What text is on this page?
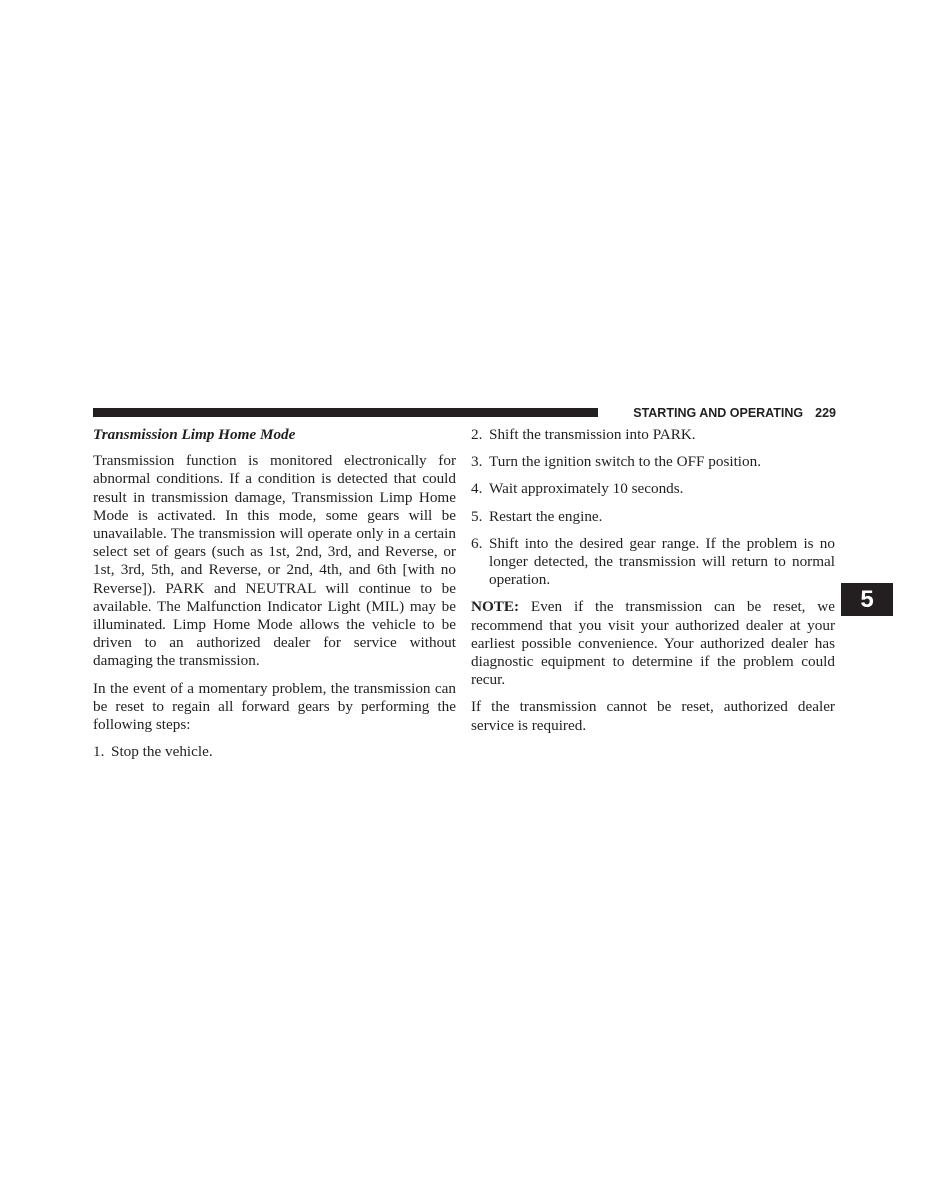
STARTING AND OPERATING 229

Transmission Limp Home Mode

Transmission function is monitored electronically for abnormal conditions. If a condition is detected that could result in transmission damage, Transmission Limp Home Mode is activated. In this mode, some gears will be unavailable. The transmission will operate only in a certain select set of gears (such as 1st, 2nd, 3rd, and Reverse, or 1st, 3rd, 5th, and Reverse, or 2nd, 4th, and 6th [with no Reverse]). PARK and NEUTRAL will continue to be available. The Malfunction Indicator Light (MIL) may be illuminated. Limp Home Mode allows the vehicle to be driven to an authorized dealer for service without damaging the transmission.

In the event of a momentary problem, the transmission can be reset to regain all forward gears by performing the following steps:

1. Stop the vehicle.
2. Shift the transmission into PARK.
3. Turn the ignition switch to the OFF position.
4. Wait approximately 10 seconds.
5. Restart the engine.
6. Shift into the desired gear range. If the problem is no longer detected, the transmission will return to normal operation.

NOTE: Even if the transmission can be reset, we recommend that you visit your authorized dealer at your earliest possible convenience. Your authorized dealer has diagnostic equipment to determine if the problem could recur.

If the transmission cannot be reset, authorized dealer service is required.

5
